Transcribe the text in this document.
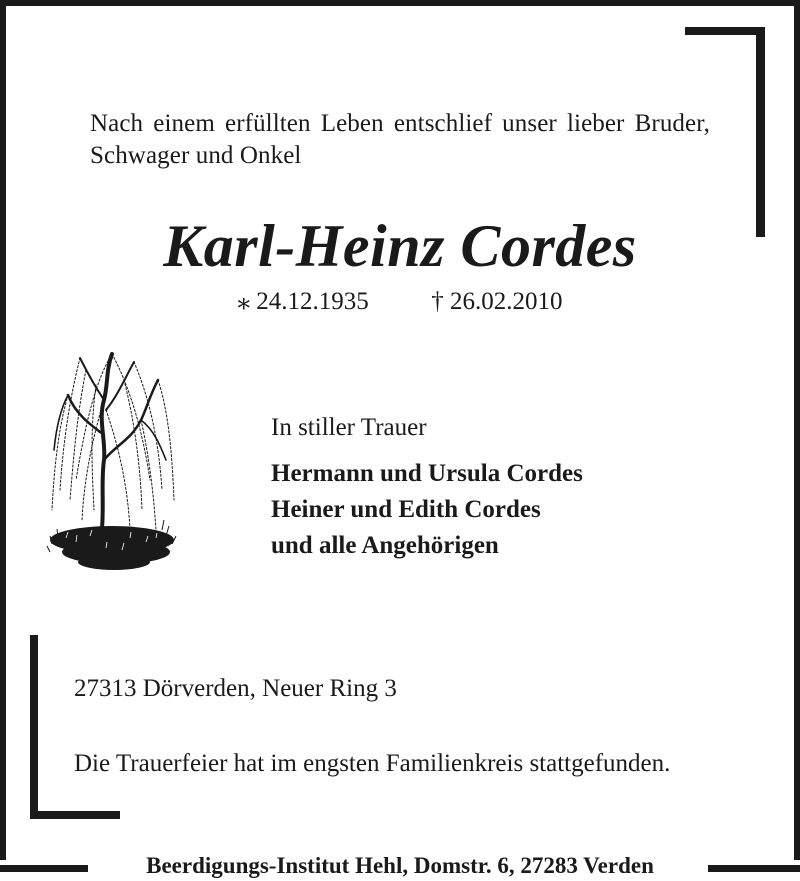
Nach einem erfüllten Leben entschlief unser lieber Bruder, Schwager und Onkel
Karl-Heinz Cordes
⁎ 24.12.1935	† 26.02.2010
In stiller Trauer
Hermann und Ursula Cordes
Heiner und Edith Cordes
und alle Angehörigen
27313 Dörverden, Neuer Ring 3
Die Trauerfeier hat im engsten Familienkreis stattgefunden.
Beerdigungs-Institut Hehl, Domstr. 6, 27283 Verden
